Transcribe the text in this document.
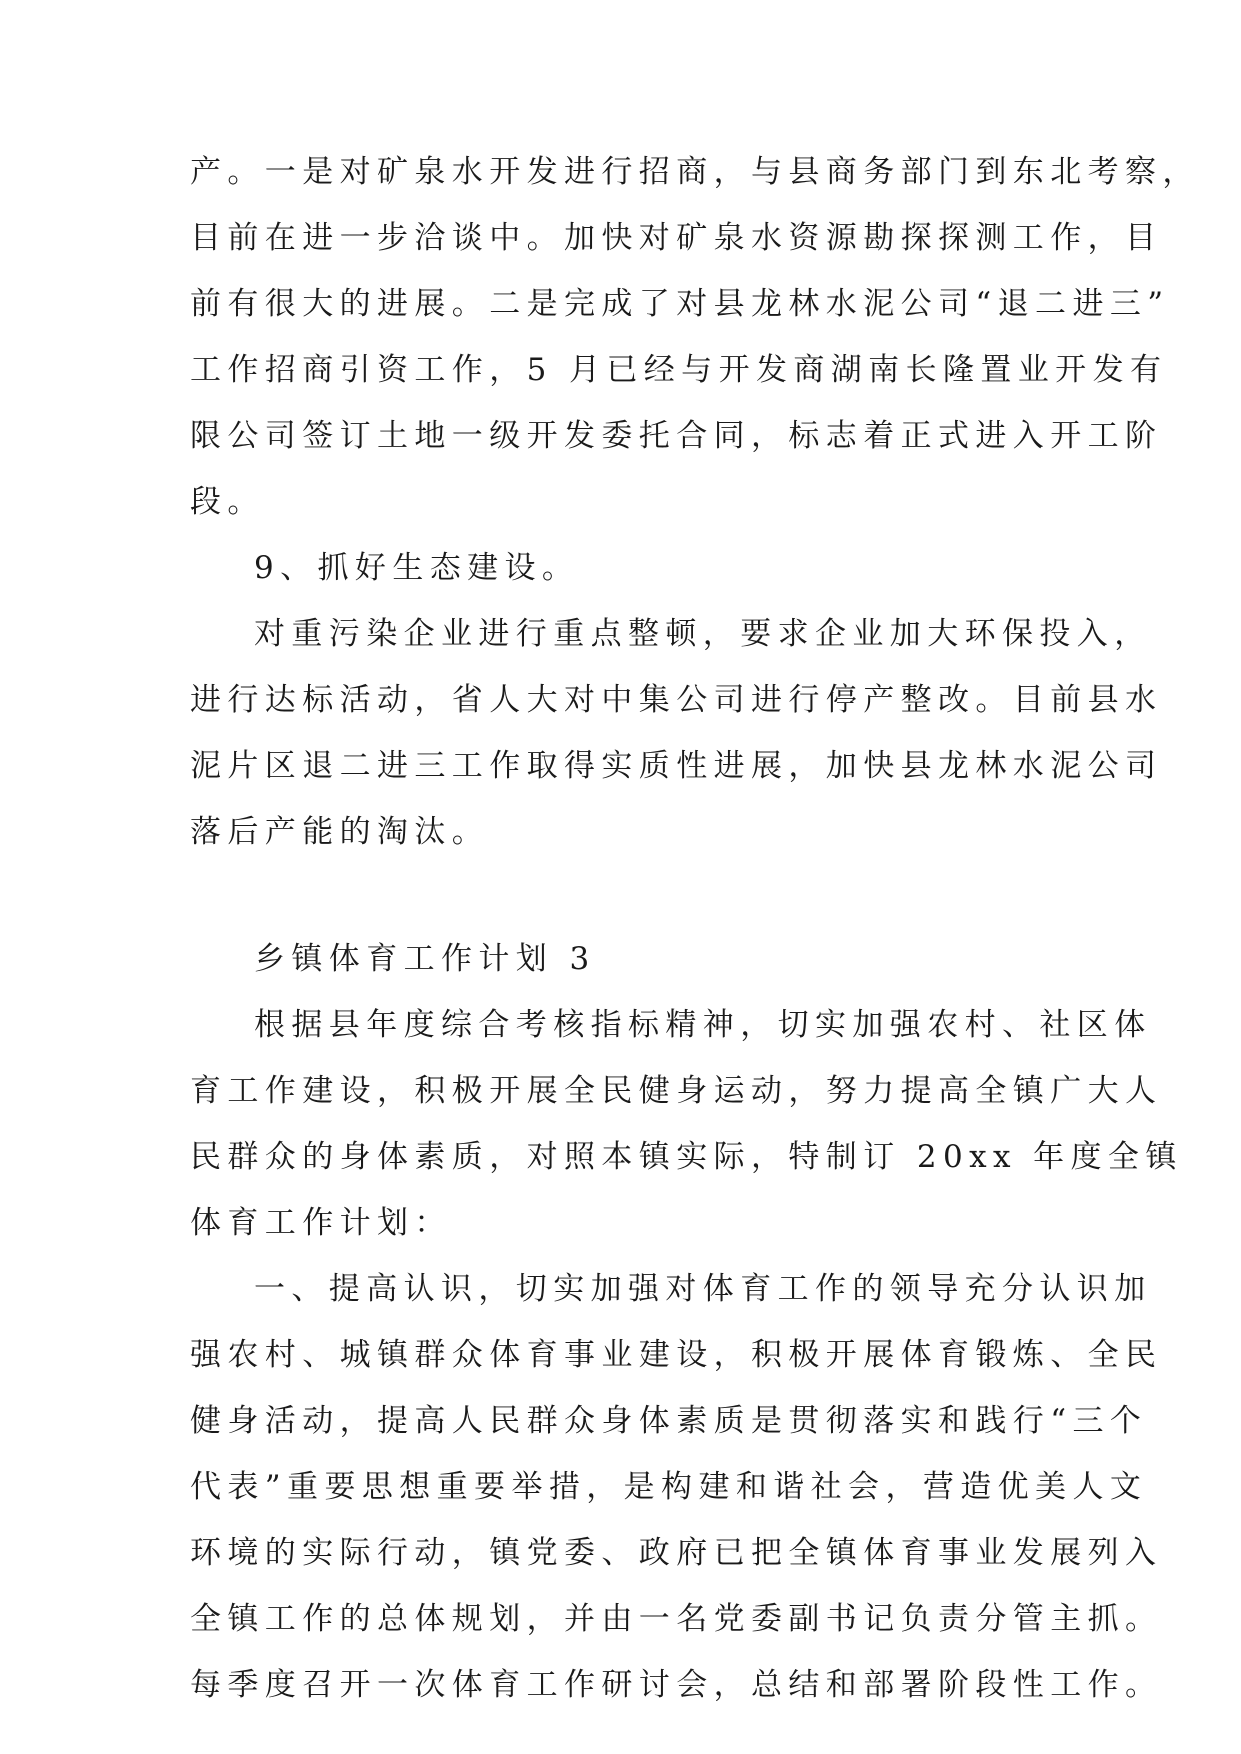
产。一是对矿泉水开发进行招商，与县商务部门到东北考察，

目前在进一步洽谈中。加快对矿泉水资源勘探探测工作，目

前有很大的进展。二是完成了对县龙林水泥公司“退二进三”

工作招商引资工作，5 月已经与开发商湖南长隆置业开发有

限公司签订土地一级开发委托合同，标志着正式进入开工阶

段。

9、抓好生态建设。

对重污染企业进行重点整顿，要求企业加大环保投入，

进行达标活动，省人大对中集公司进行停产整改。目前县水

泥片区退二进三工作取得实质性进展，加快县龙林水泥公司

落后产能的淘汰。

乡镇体育工作计划 3

根据县年度综合考核指标精神，切实加强农村、社区体

育工作建设，积极开展全民健身运动，努力提高全镇广大人

民群众的身体素质，对照本镇实际，特制订 20xx 年度全镇

体育工作计划：

一、提高认识，切实加强对体育工作的领导充分认识加

强农村、城镇群众体育事业建设，积极开展体育锻炼、全民

健身活动，提高人民群众身体素质是贯彻落实和践行“三个

代表”重要思想重要举措，是构建和谐社会，营造优美人文

环境的实际行动，镇党委、政府已把全镇体育事业发展列入

全镇工作的总体规划，并由一名党委副书记负责分管主抓。

每季度召开一次体育工作研讨会，总结和部署阶段性工作。
